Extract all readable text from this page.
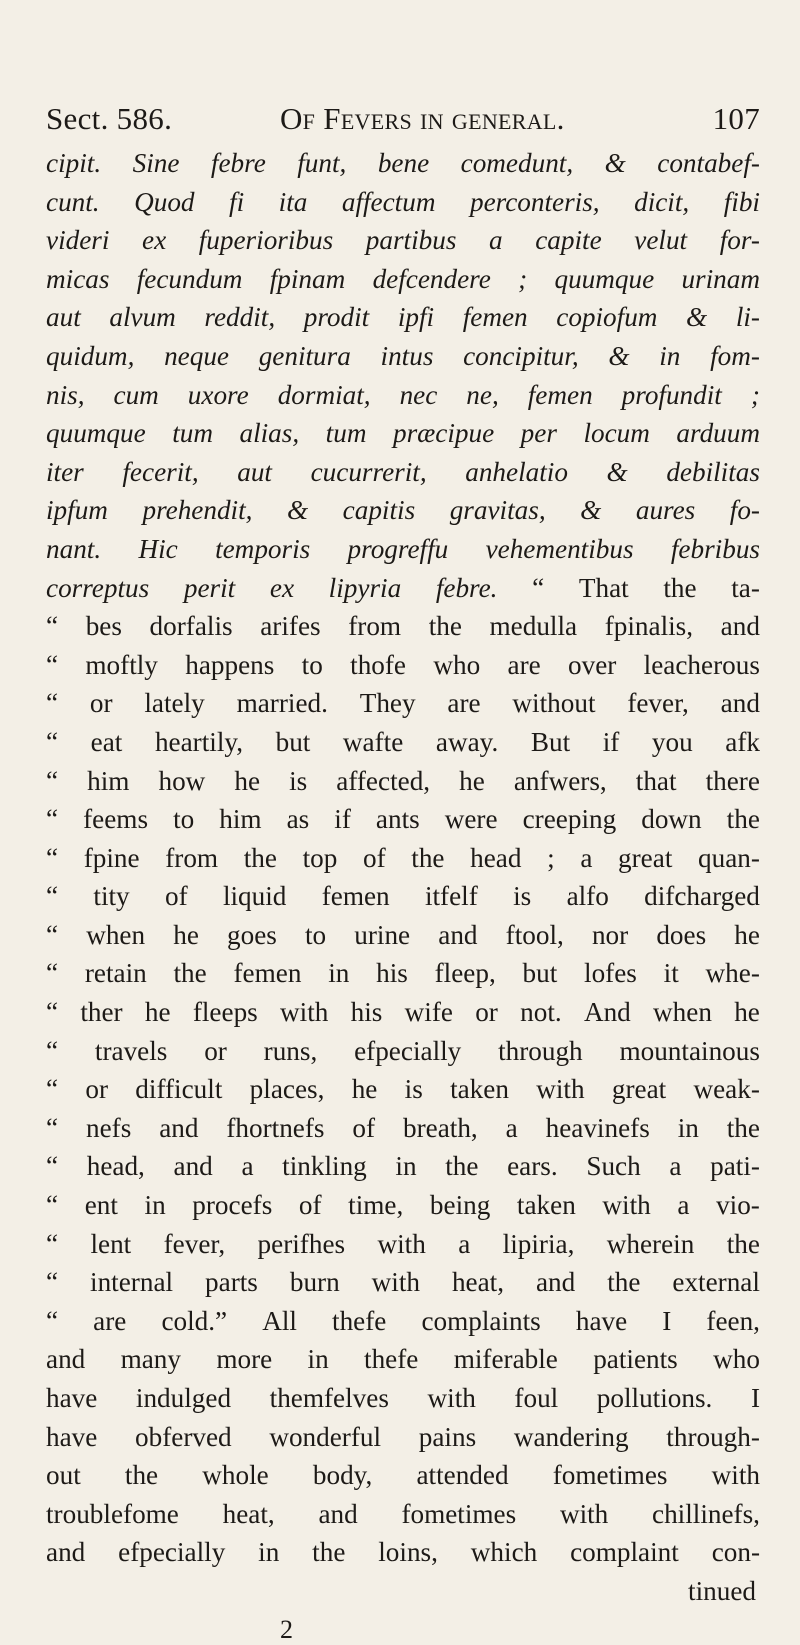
Sect. 586.	Of Fevers in general.	107
cipit. Sine febre funt, bene comedunt, & contabef-
cunt. Quod fi ita affectum perconteris, dicit, fibi
videri ex fuperioribus partibus a capite velut for-
micas fecundum fpinam defcendere ; quumque urinam
aut alvum reddit, prodit ipfi femen copiofum & li-
quidum, neque genitura intus concipitur, & in fom-
nis, cum uxore dormiat, nec ne, femen profundit ;
quumque tum alias, tum præcipue per locum arduum
iter fecerit, aut cucurrerit, anhelatio & debilitas
ipfum prehendit, & capitis gravitas, & aures fo-
nant. Hic temporis progreffu vehementibus febribus
correptus perit ex lipyria febre. “ That the ta-
“ bes dorfalis arifes from the medulla fpinalis, and
“ moftly happens to thofe who are over leacherous
“ or lately married. They are without fever, and
“ eat heartily, but wafte away. But if you afk
“ him how he is affected, he anfwers, that there
“ feems to him as if ants were creeping down the
“ fpine from the top of the head ; a great quan-
“ tity of liquid femen itfelf is alfo difcharged
“ when he goes to urine and ftool, nor does he
“ retain the femen in his fleep, but lofes it whe-
“ ther he fleeps with his wife or not. And when he
“ travels or runs, efpecially through mountainous
“ or difficult places, he is taken with great weak-
“ nefs and fhortnefs of breath, a heavinefs in the
“ head, and a tinkling in the ears. Such a pati-
“ ent in procefs of time, being taken with a vio-
“ lent fever, perifhes with a lipiria, wherein the
“ internal parts burn with heat, and the external
“ are cold.” All thefe complaints have I feen,
and many more in thefe miferable patients who
have indulged themfelves with foul pollutions. I
have obferved wonderful pains wandering through-
out the whole body, attended fometimes with
troublefome heat, and fometimes with chillinefs,
and efpecially in the loins, which complaint con-
tinued
2
